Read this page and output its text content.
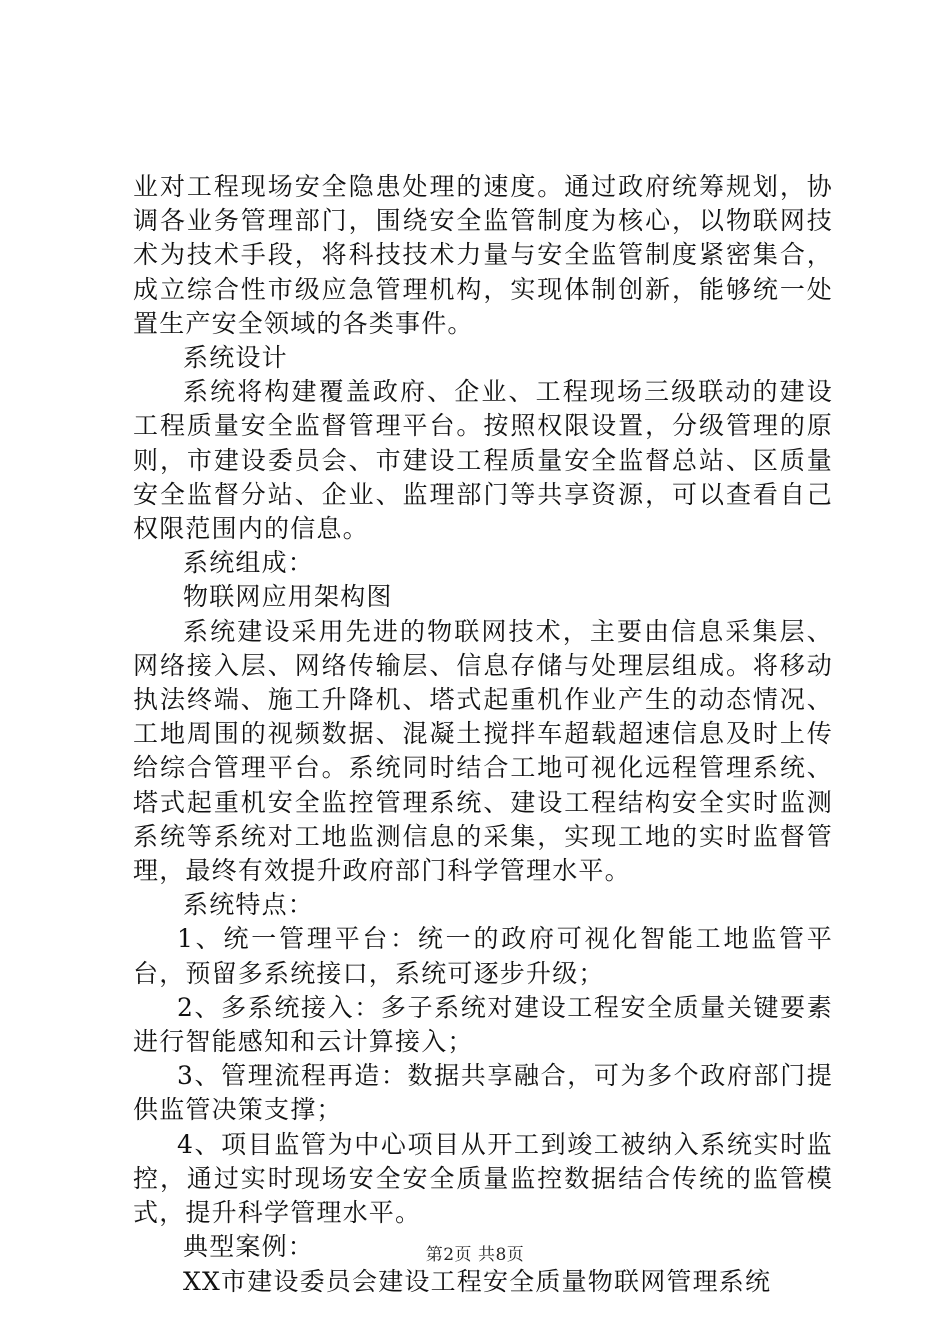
业对工程现场安全隐患处理的速度。通过政府统筹规划，协调各业务管理部门，围绕安全监管制度为核心，以物联网技术为技术手段，将科技技术力量与安全监管制度紧密集合，成立综合性市级应急管理机构，实现体制创新，能够统一处置生产安全领域的各类事件。

系统设计

系统将构建覆盖政府、企业、工程现场三级联动的建设工程质量安全监督管理平台。按照权限设置，分级管理的原则，市建设委员会、市建设工程质量安全监督总站、区质量安全监督分站、企业、监理部门等共享资源，可以查看自己权限范围内的信息。

系统组成：

物联网应用架构图

系统建设采用先进的物联网技术，主要由信息采集层、网络接入层、网络传输层、信息存储与处理层组成。将移动执法终端、施工升降机、塔式起重机作业产生的动态情况、工地周围的视频数据、混凝土搅拌车超载超速信息及时上传给综合管理平台。系统同时结合工地可视化远程管理系统、塔式起重机安全监控管理系统、建设工程结构安全实时监测系统等系统对工地监测信息的采集，实现工地的实时监督管理，最终有效提升政府部门科学管理水平。

系统特点：

1、统一管理平台：统一的政府可视化智能工地监管平台，预留多系统接口，系统可逐步升级；

2、多系统接入：多子系统对建设工程安全质量关键要素进行智能感知和云计算接入；

3、管理流程再造：数据共享融合，可为多个政府部门提供监管决策支撑；

4、项目监管为中心项目从开工到竣工被纳入系统实时监控，通过实时现场安全安全质量监控数据结合传统的监管模式，提升科学管理水平。

典型案例：

XX市建设委员会建设工程安全质量物联网管理系统

第2页 共8页
